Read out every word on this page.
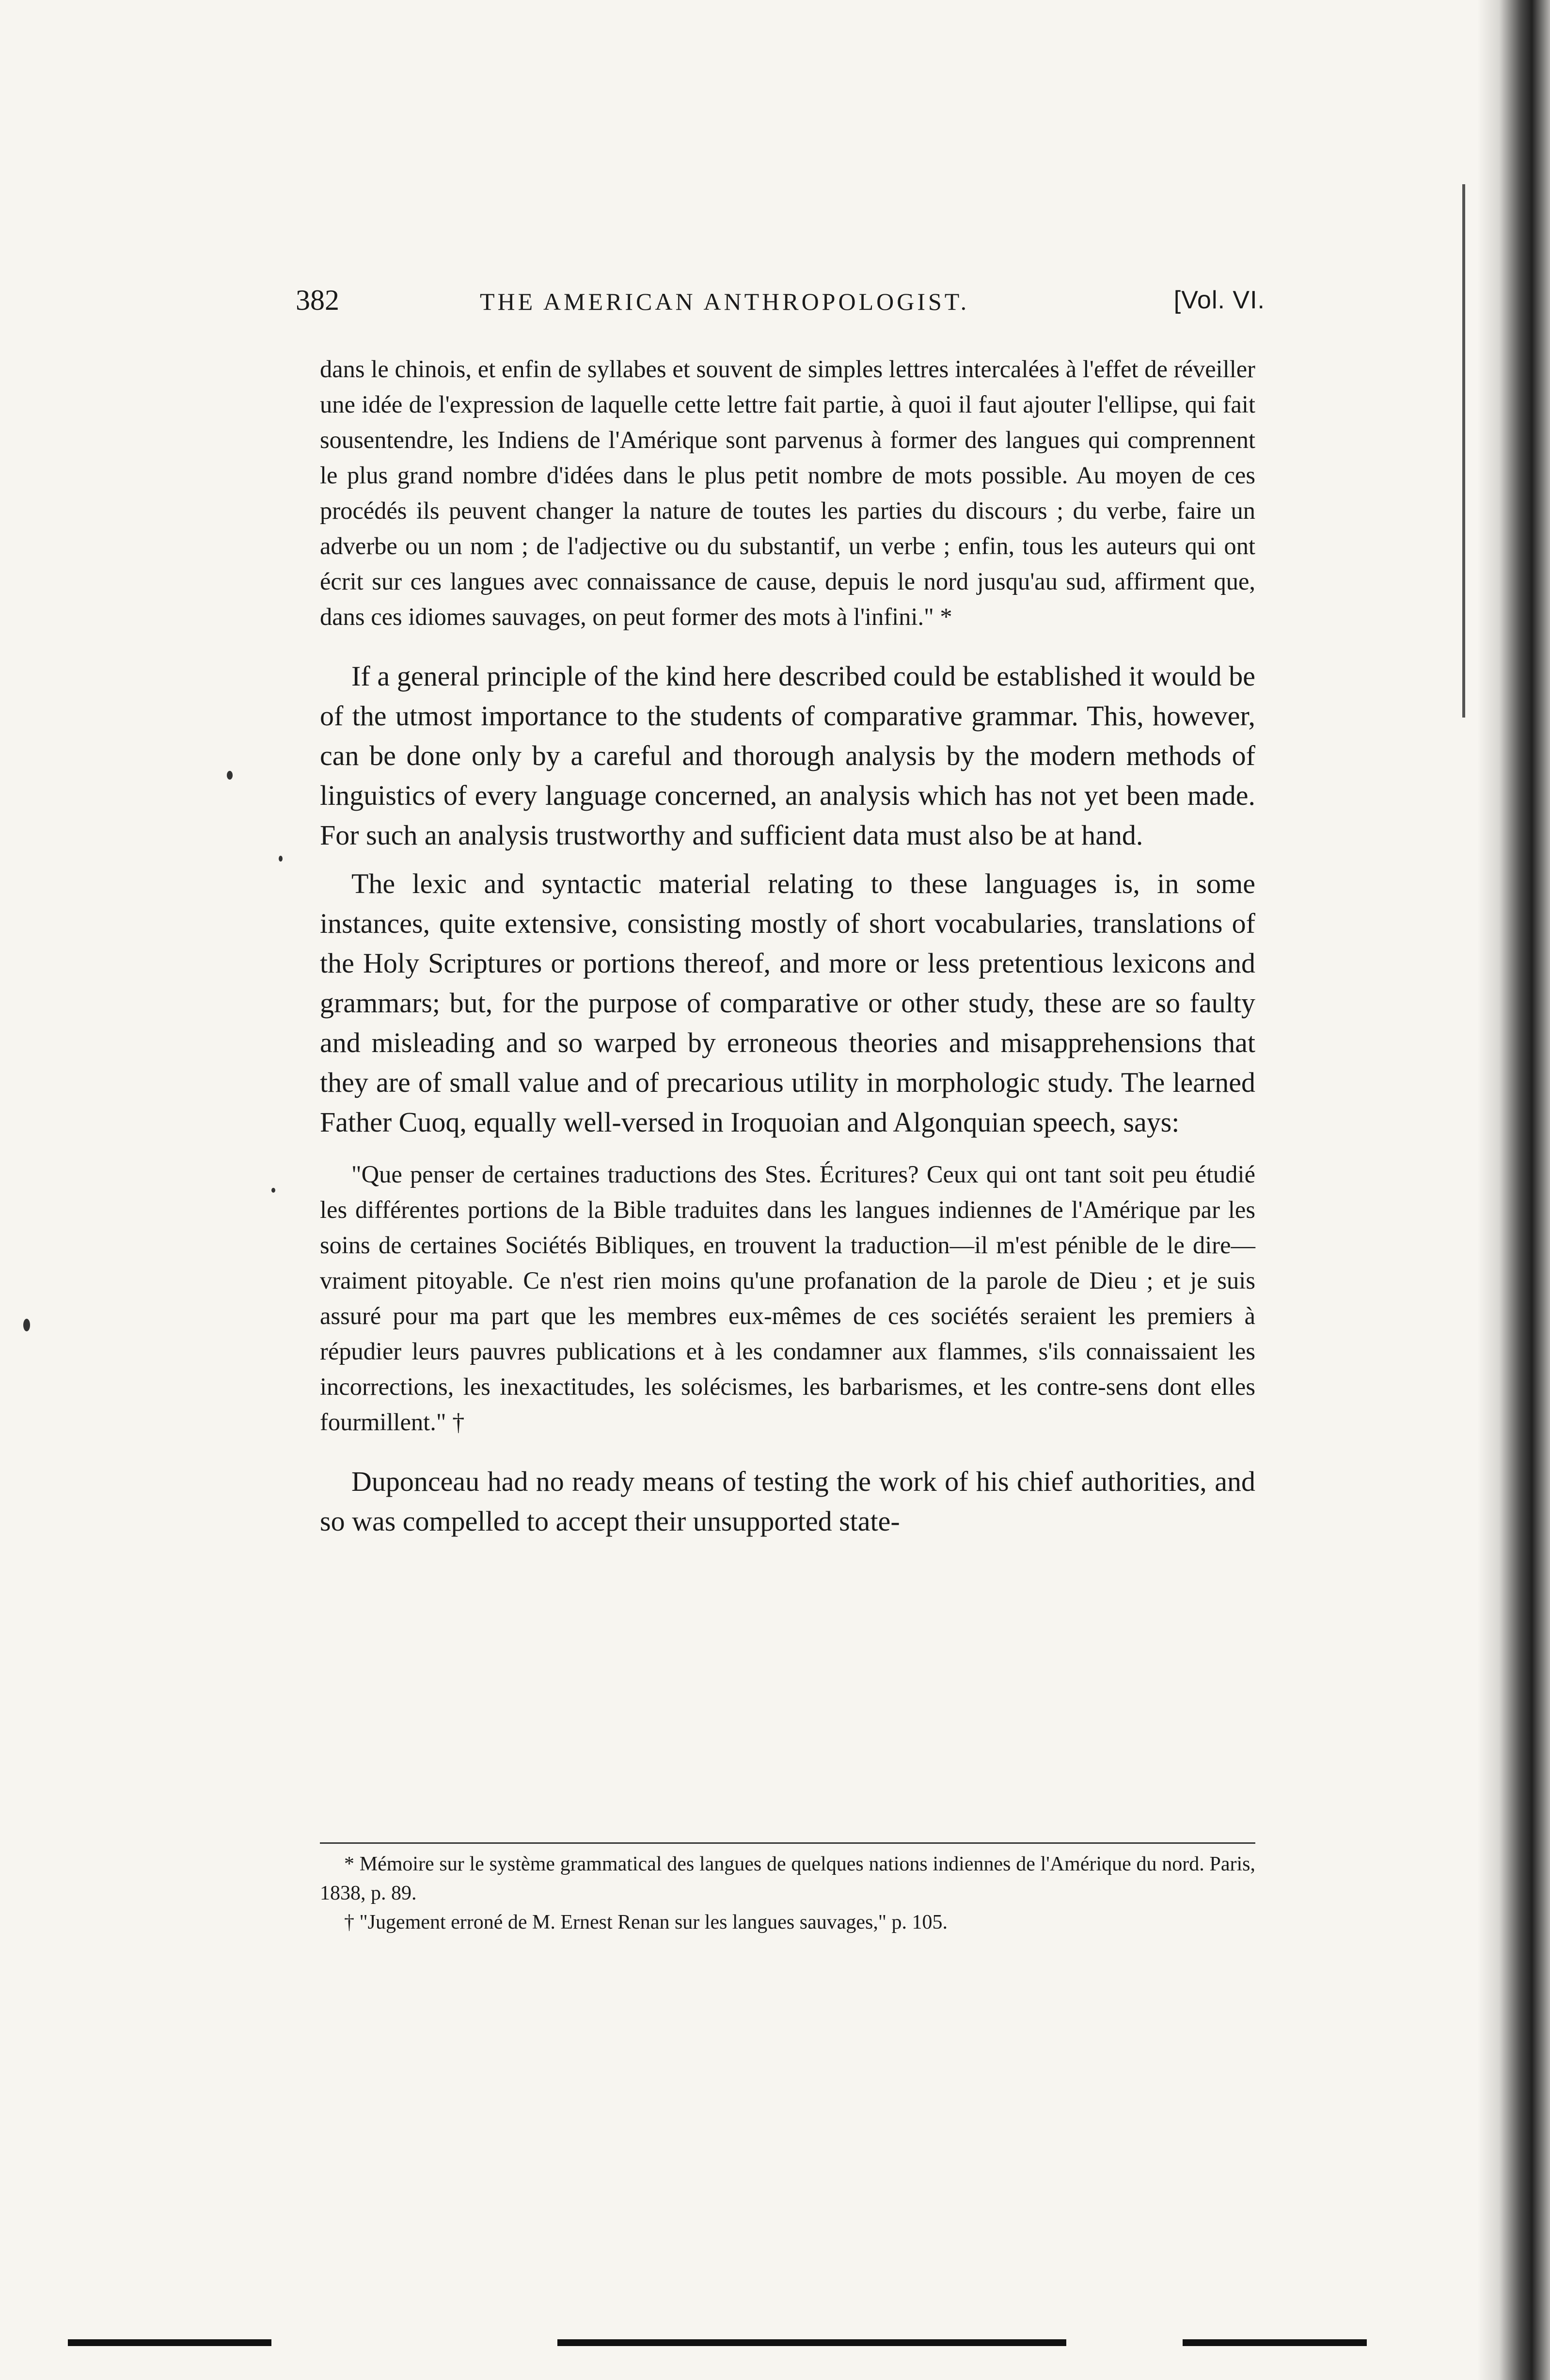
382	THE AMERICAN ANTHROPOLOGIST.	[Vol. VI.

dans le chinois, et enfin de syllabes et souvent de simples lettres intercalées à l'effet de réveiller une idée de l'expression de laquelle cette lettre fait partie, à quoi il faut ajouter l'ellipse, qui fait sousentendre, les Indiens de l'Amérique sont parvenus à former des langues qui comprennent le plus grand nombre d'idées dans le plus petit nombre de mots possible. Au moyen de ces procédés ils peuvent changer la nature de toutes les parties du discours ; du verbe, faire un adverbe ou un nom ; de l'adjective ou du substantif, un verbe ; enfin, tous les auteurs qui ont écrit sur ces langues avec connaissance de cause, depuis le nord jusqu'au sud, affirment que, dans ces idiomes sauvages, on peut former des mots à l'infini." *

If a general principle of the kind here described could be established it would be of the utmost importance to the students of comparative grammar. This, however, can be done only by a careful and thorough analysis by the modern methods of linguistics of every language concerned, an analysis which has not yet been made. For such an analysis trustworthy and sufficient data must also be at hand.

The lexic and syntactic material relating to these languages is, in some instances, quite extensive, consisting mostly of short vocabularies, translations of the Holy Scriptures or portions thereof, and more or less pretentious lexicons and grammars; but, for the purpose of comparative or other study, these are so faulty and misleading and so warped by erroneous theories and misapprehensions that they are of small value and of precarious utility in morphologic study. The learned Father Cuoq, equally well-versed in Iroquoian and Algonquian speech, says:

"Que penser de certaines traductions des Stes. Écritures? Ceux qui ont tant soit peu étudié les différentes portions de la Bible traduites dans les langues indiennes de l'Amérique par les soins de certaines Sociétés Bibliques, en trouvent la traduction—il m'est pénible de le dire—vraiment pitoyable. Ce n'est rien moins qu'une profanation de la parole de Dieu ; et je suis assuré pour ma part que les membres eux-mêmes de ces sociétés seraient les premiers à répudier leurs pauvres publications et à les condamner aux flammes, s'ils connaissaient les incorrections, les inexactitudes, les solécismes, les barbarismes, et les contre-sens dont elles fourmillent." †

Duponceau had no ready means of testing the work of his chief authorities, and so was compelled to accept their unsupported state-

* Mémoire sur le système grammatical des langues de quelques nations indiennes de l'Amérique du nord. Paris, 1838, p. 89.

† "Jugement erroné de M. Ernest Renan sur les langues sauvages," p. 105.
